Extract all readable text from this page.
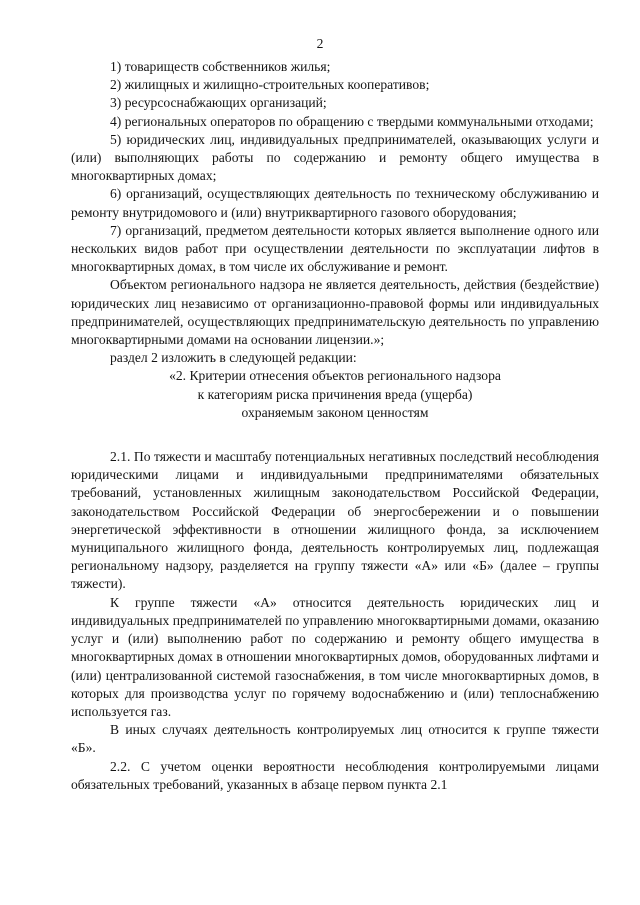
2

1) товариществ собственников жилья;

2) жилищных и жилищно-строительных кооперативов;

3) ресурсоснабжающих организаций;

4) региональных операторов по обращению с твердыми коммунальными отходами;

5) юридических лиц, индивидуальных предпринимателей, оказывающих услуги и (или) выполняющих работы по содержанию и ремонту общего имущества в многоквартирных домах;

6) организаций, осуществляющих деятельность по техническому обслуживанию и ремонту внутридомового и (или) внутриквартирного газового оборудования;

7) организаций, предметом деятельности которых является выполнение одного или нескольких видов работ при осуществлении деятельности по эксплуатации лифтов в многоквартирных домах, в том числе их обслуживание и ремонт.

Объектом регионального надзора не является деятельность, действия (бездействие) юридических лиц независимо от организационно-правовой формы или индивидуальных предпринимателей, осуществляющих предпринимательскую деятельность по управлению многоквартирными домами на основании лицензии.»;

раздел 2 изложить в следующей редакции:

«2. Критерии отнесения объектов регионального надзора

к категориям риска причинения вреда (ущерба)

охраняемым законом ценностям

2.1. По тяжести и масштабу потенциальных негативных последствий несоблюдения юридическими лицами и индивидуальными предпринимателями обязательных требований, установленных жилищным законодательством Российской Федерации, законодательством Российской Федерации об энергосбережении и о повышении энергетической эффективности в отношении жилищного фонда, за исключением муниципального жилищного фонда, деятельность контролируемых лиц, подлежащая региональному надзору, разделяется на группу тяжести «А» или «Б» (далее – группы тяжести).

К группе тяжести «А» относится деятельность юридических лиц и индивидуальных предпринимателей по управлению многоквартирными домами, оказанию услуг и (или) выполнению работ по содержанию и ремонту общего имущества в многоквартирных домах в отношении многоквартирных домов, оборудованных лифтами и (или) централизованной системой газоснабжения, в том числе многоквартирных домов, в которых для производства услуг по горячему водоснабжению и (или) теплоснабжению используется газ.

В иных случаях деятельность контролируемых лиц относится к группе тяжести «Б».

2.2. С учетом оценки вероятности несоблюдения контролируемыми лицами обязательных требований, указанных в абзаце первом пункта 2.1
